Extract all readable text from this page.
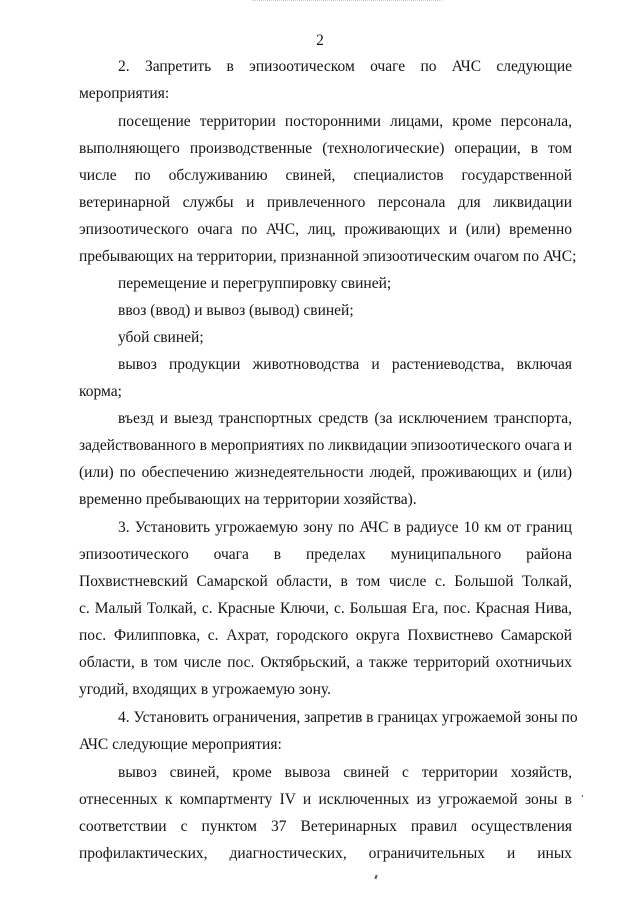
2
2. Запретить в эпизоотическом очаге по АЧС следующие
мероприятия:
посещение территории посторонними лицами, кроме персонала,
выполняющего производственные (технологические) операции, в том
числе по обслуживанию свиней, специалистов государственной
ветеринарной службы и привлеченного персонала для ликвидации
эпизоотического очага по АЧС, лиц, проживающих и (или) временно
пребывающих на территории, признанной эпизоотическим очагом по АЧС;
перемещение и перегруппировку свиней;
ввоз (ввод) и вывоз (вывод) свиней;
убой свиней;
вывоз продукции животноводства и растениеводства, включая
корма;
въезд и выезд транспортных средств (за исключением транспорта,
задействованного в мероприятиях по ликвидации эпизоотического очага и
(или) по обеспечению жизнедеятельности людей, проживающих и (или)
временно пребывающих на территории хозяйства).
3. Установить угрожаемую зону по АЧС в радиусе 10 км от границ
эпизоотического очага в пределах муниципального района
Похвистневский Самарской области, в том числе с. Большой Толкай,
с. Малый Толкай, с. Красные Ключи, с. Большая Ега, пос. Красная Нива,
пос. Филипповка, с. Ахрат, городского округа Похвистнево Самарской
области, в том числе пос. Октябрьский, а также территорий охотничьих
угодий, входящих в угрожаемую зону.
4. Установить ограничения, запретив в границах угрожаемой зоны по
АЧС следующие мероприятия:
вывоз свиней, кроме вывоза свиней с территории хозяйств,
отнесенных к компартменту IV и исключенных из угрожаемой зоны в
соответствии с пунктом 37 Ветеринарных правил осуществления
профилактических, диагностических, ограничительных и иных
